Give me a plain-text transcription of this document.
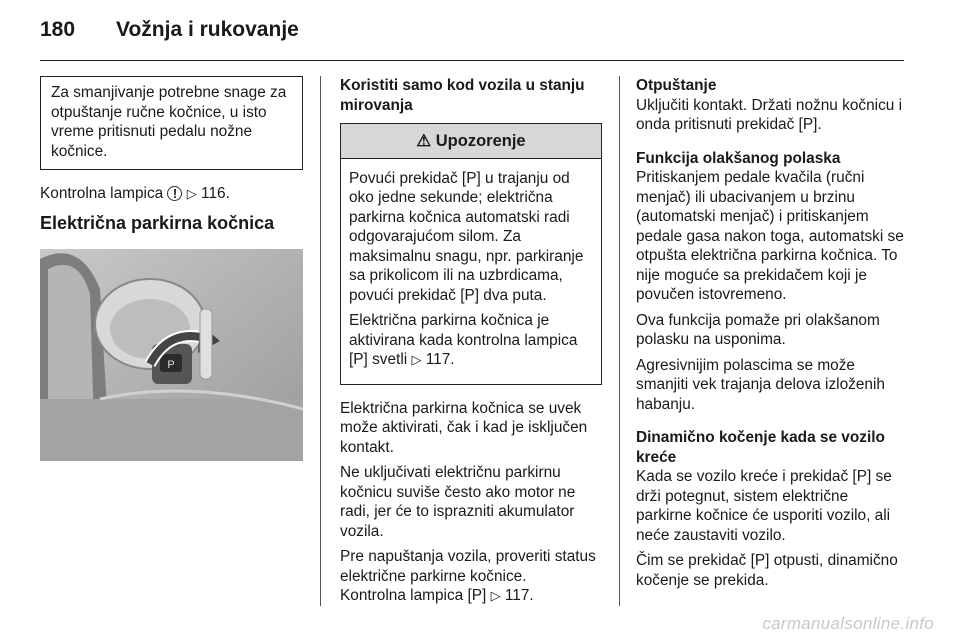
180 Vožnja i rukovanje
Za smanjivanje potrebne snage za otpuštanje ručne kočnice, u isto vreme pritisnuti pedalu nožne kočnice.

Kontrolna lampica ! ▷ 116.

Električna parkirna kočnica
P

Koristiti samo kod vozila u stanju mirovanja

⚠ Upozorenje

Povući prekidač [P] u trajanju od oko jedne sekunde; električna parkirna kočnica automatski radi odgovarajućom silom. Za maksimalnu snagu, npr. parkiranje sa prikolicom ili na uzbrdicama, povući prekidač [P] dva puta.

Električna parkirna kočnica je aktivirana kada kontrolna lampica [P] svetli ▷ 117.

Električna parkirna kočnica se uvek može aktivirati, čak i kad je isključen kontakt.

Ne uključivati električnu parkirnu kočnicu suviše često ako motor ne radi, jer će to isprazniti akumulator vozila.

Pre napuštanja vozila, proveriti status električne parkirne kočnice.
Kontrolna lampica [P] ▷ 117.

Otpuštanje

Uključiti kontakt. Držati nožnu kočnicu i onda pritisnuti prekidač [P].

Funkcija olakšanog polaska

Pritiskanjem pedale kvačila (ručni menjač) ili ubacivanjem u brzinu (automatski menjač) i pritiskanjem pedale gasa nakon toga, automatski se otpušta električna parkirna kočnica. To nije moguće sa prekidačem koji je povučen istovremeno.

Ova funkcija pomaže pri olakšanom polasku na usponima.

Agresivnijim polascima se može smanjiti vek trajanja delova izloženih habanju.

Dinamično kočenje kada se vozilo kreće

Kada se vozilo kreće i prekidač [P] se drži potegnut, sistem električne parkirne kočnice će usporiti vozilo, ali neće zaustaviti vozilo.

Čim se prekidač [P] otpusti, dinamično kočenje se prekida.

carmanualsonline.info
